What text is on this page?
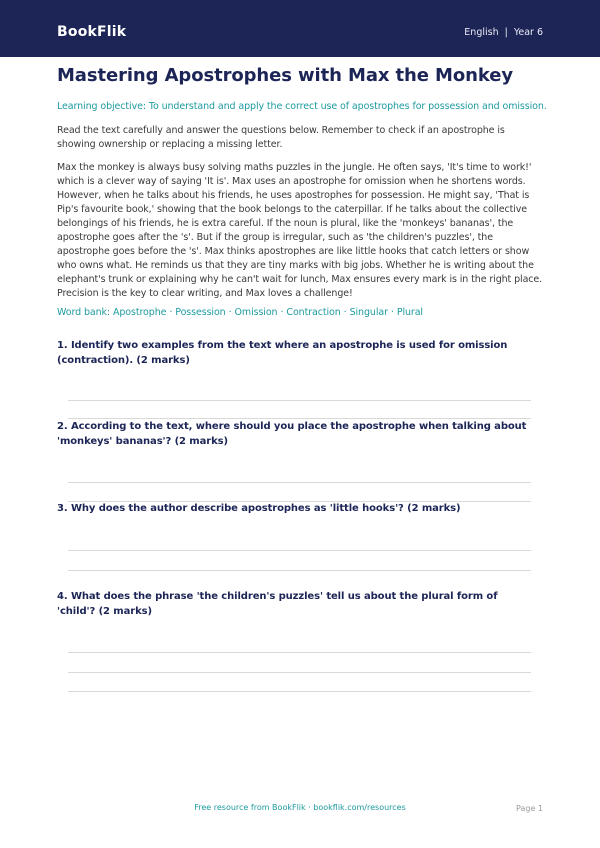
BookFlik	English | Year 6
Mastering Apostrophes with Max the Monkey
Learning objective: To understand and apply the correct use of apostrophes for possession and omission.

Read the text carefully and answer the questions below. Remember to check if an apostrophe is showing ownership or replacing a missing letter.

Max the monkey is always busy solving maths puzzles in the jungle. He often says, 'It's time to work!' which is a clever way of saying 'It is'. Max uses an apostrophe for omission when he shortens words. However, when he talks about his friends, he uses apostrophes for possession. He might say, 'That is Pip's favourite book,' showing that the book belongs to the caterpillar. If he talks about the collective belongings of his friends, he is extra careful. If the noun is plural, like the 'monkeys' bananas', the apostrophe goes after the 's'. But if the group is irregular, such as 'the children's puzzles', the apostrophe goes before the 's'. Max thinks apostrophes are like little hooks that catch letters or show who owns what. He reminds us that they are tiny marks with big jobs. Whether he is writing about the elephant's trunk or explaining why he can't wait for lunch, Max ensures every mark is in the right place. Precision is the key to clear writing, and Max loves a challenge!

Word bank: Apostrophe · Possession · Omission · Contraction · Singular · Plural
1. Identify two examples from the text where an apostrophe is used for omission (contraction). (2 marks)
2. According to the text, where should you place the apostrophe when talking about 'monkeys' bananas'? (2 marks)
3. Why does the author describe apostrophes as 'little hooks'? (2 marks)
4. What does the phrase 'the children's puzzles' tell us about the plural form of 'child'? (2 marks)
Free resource from BookFlik · bookflik.com/resources	Page 1
